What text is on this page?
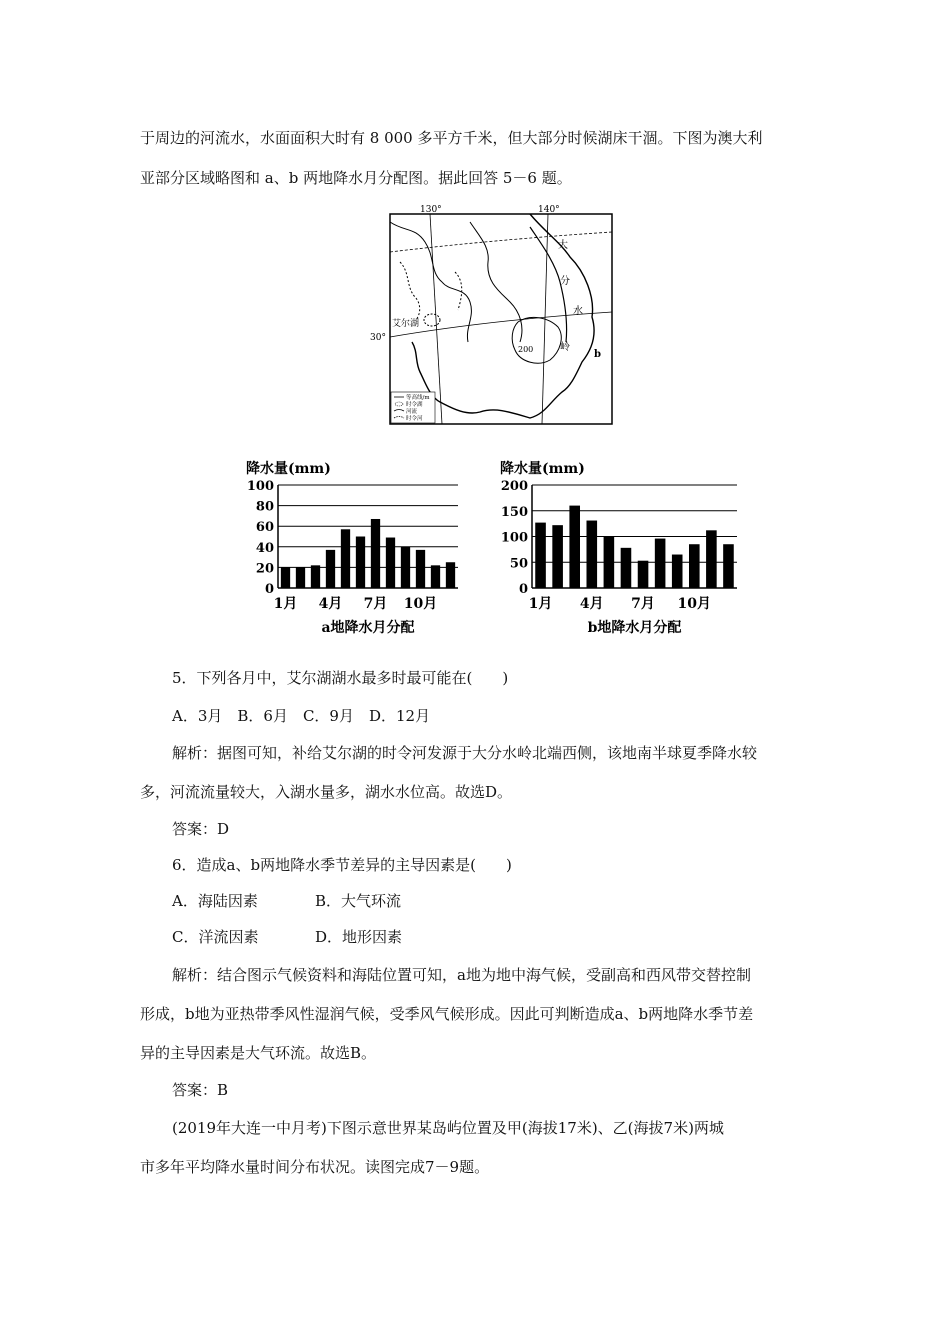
于周边的河流水，水面面积大时有 8 000 多平方千米，但大部分时候湖床干涸。下图为澳大利
亚部分区域略图和 a、b 两地降水月分配图。据此回答 5－6 题。
130°	140°
30°
艾尔湖
200
大
分
水
岭
b
等高线/m
时令湖
河流
时令河
降水量(mm)
0
20
40
60
80
100
1月 4月 7月 10月
a地降水月分配
降水量(mm)
0
50
100
150
200
1月 4月 7月 10月
b地降水月分配
5．下列各月中，艾尔湖湖水最多时最可能在(　　)
A．3月　B．6月　C．9月　D．12月
解析：据图可知，补给艾尔湖的时令河发源于大分水岭北端西侧，该地南半球夏季降水较
多，河流流量较大，入湖水量多，湖水水位高。故选D。
答案：D
6．造成a、b两地降水季节差异的主导因素是(　　)
A．海陆因素	B．大气环流
C．洋流因素	D．地形因素
解析：结合图示气候资料和海陆位置可知，a地为地中海气候，受副高和西风带交替控制
形成，b地为亚热带季风性湿润气候，受季风气候形成。因此可判断造成a、b两地降水季节差
异的主导因素是大气环流。故选B。
答案：B
(2019年大连一中月考)下图示意世界某岛屿位置及甲(海拔17米)、乙(海拔7米)两城
市多年平均降水量时间分布状况。读图完成7－9题。
